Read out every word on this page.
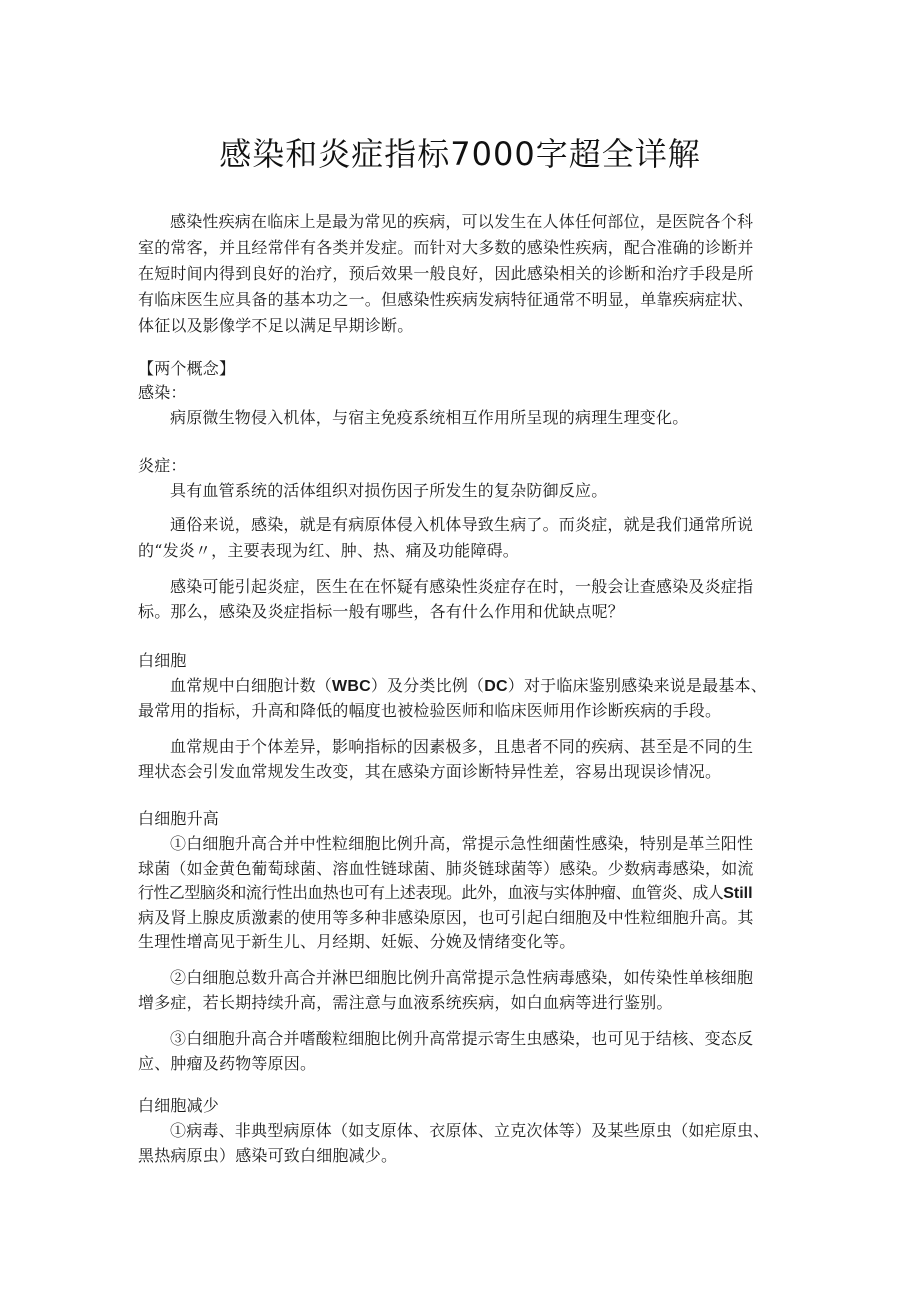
感染和炎症指标7000字超全详解
感染性疾病在临床上是最为常见的疾病，可以发生在人体任何部位，是医院各个科
室的常客，并且经常伴有各类并发症。而针对大多数的感染性疾病，配合准确的诊断并
在短时间内得到良好的治疗，预后效果一般良好，因此感染相关的诊断和治疗手段是所
有临床医生应具备的基本功之一。但感染性疾病发病特征通常不明显，单靠疾病症状、
体征以及影像学不足以满足早期诊断。
【两个概念】
感染：
病原微生物侵入机体，与宿主免疫系统相互作用所呈现的病理生理变化。
炎症：
具有血管系统的活体组织对损伤因子所发生的复杂防御反应。
通俗来说，感染，就是有病原体侵入机体导致生病了。而炎症，就是我们通常所说
的“发炎〃，主要表现为红、肿、热、痛及功能障碍。
感染可能引起炎症，医生在在怀疑有感染性炎症存在时，一般会让查感染及炎症指
标。那么，感染及炎症指标一般有哪些，各有什么作用和优缺点呢？
白细胞
血常规中白细胞计数（WBC）及分类比例（DC）对于临床鉴别感染来说是最基本、
最常用的指标，升高和降低的幅度也被检验医师和临床医师用作诊断疾病的手段。
血常规由于个体差异，影响指标的因素极多，且患者不同的疾病、甚至是不同的生
理状态会引发血常规发生改变，其在感染方面诊断特异性差，容易出现误诊情况。
白细胞升高
①白细胞升高合并中性粒细胞比例升高，常提示急性细菌性感染，特别是革兰阳性
球菌（如金黄色葡萄球菌、溶血性链球菌、肺炎链球菌等）感染。少数病毒感染，如流
行性乙型脑炎和流行性出血热也可有上述表现。此外，血液与实体肿瘤、血管炎、成人Still
病及肾上腺皮质激素的使用等多种非感染原因，也可引起白细胞及中性粒细胞升高。其
生理性增高见于新生儿、月经期、妊娠、分娩及情绪变化等。
②白细胞总数升高合并淋巴细胞比例升高常提示急性病毒感染，如传染性单核细胞
增多症，若长期持续升高，需注意与血液系统疾病，如白血病等进行鉴别。
③白细胞升高合并嗜酸粒细胞比例升高常提示寄生虫感染，也可见于结核、变态反
应、肿瘤及药物等原因。
白细胞减少
①病毒、非典型病原体（如支原体、衣原体、立克次体等）及某些原虫（如疟原虫、
黑热病原虫）感染可致白细胞减少。
